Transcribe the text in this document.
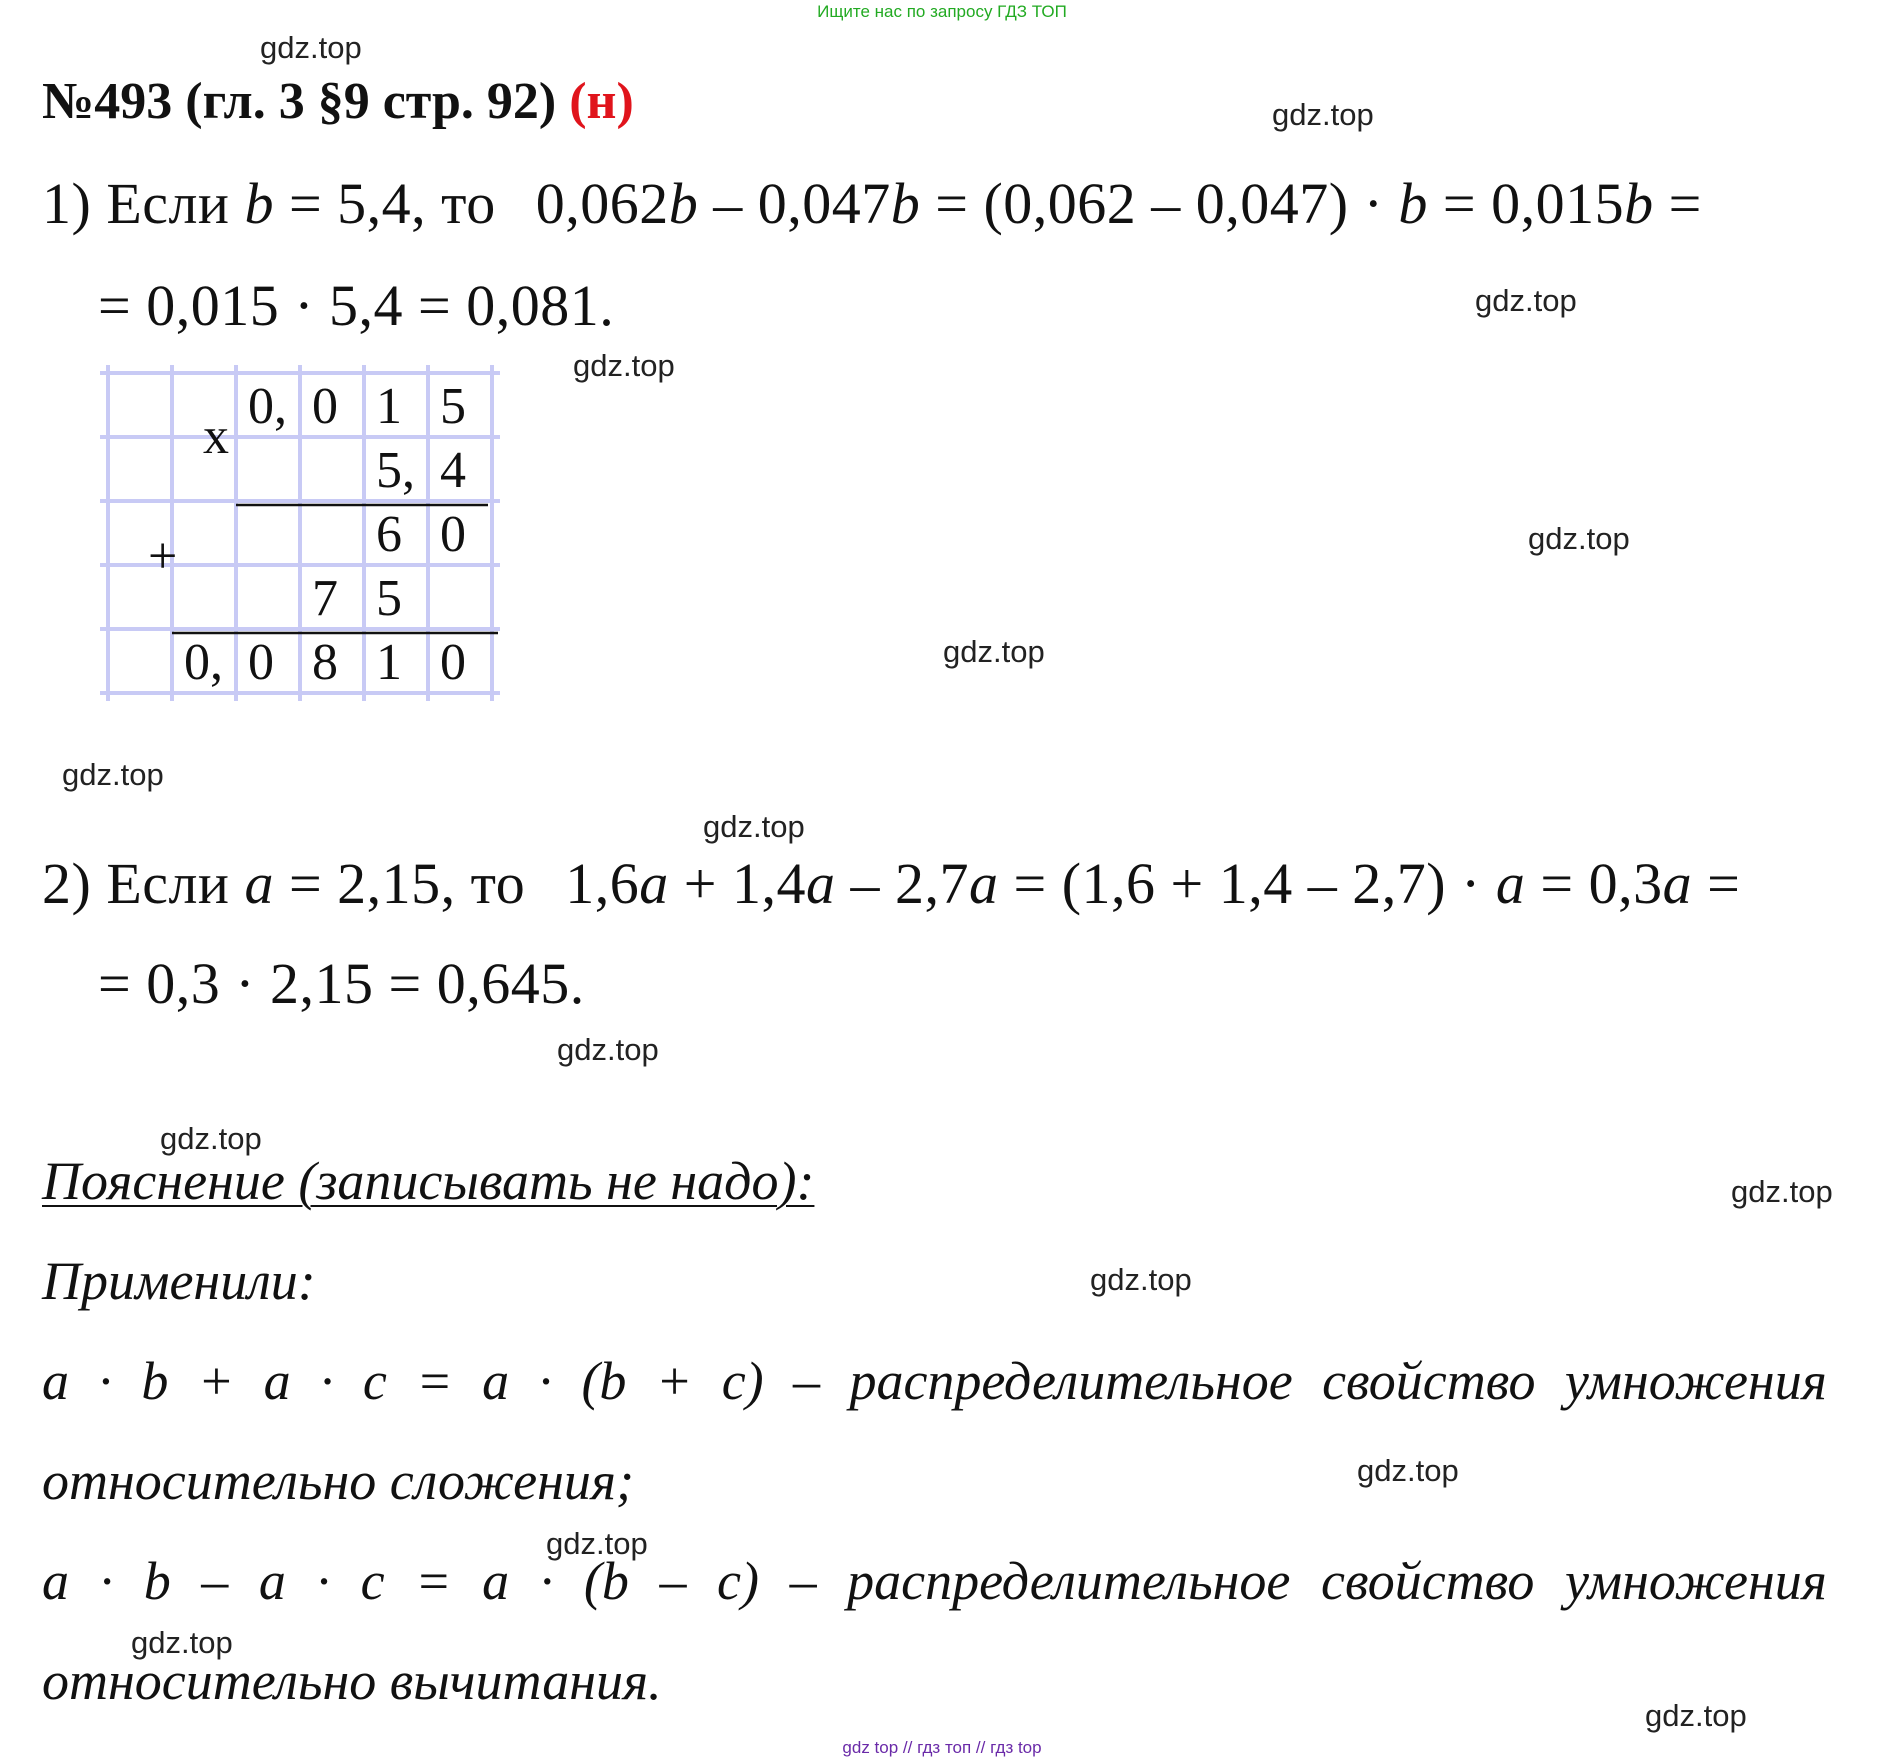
Ищите нас по запросу ГДЗ ТОП
№493 (гл. 3 §9 стр. 92) (н)
1) Если b = 5,4, то 0,062b – 0,047b = (0,062 – 0,047) · b = 0,015b =
= 0,015 · 5,4 = 0,081.
0, 0 1 5
5, 4
6 0
7 5
0, 0 8 1 0
x
+
2) Если a = 2,15, то 1,6a + 1,4a – 2,7a = (1,6 + 1,4 – 2,7) · a = 0,3a =
= 0,3 · 2,15 = 0,645.
Пояснение (записывать не надо):
Применили:
a · b + a · c = a · (b + c) – распределительное свойство умножения
относительно сложения;
a · b – a · c = a · (b – c) – распределительное свойство умножения
относительно вычитания.
gdz.top
gdz.top
gdz.top
gdz.top
gdz.top
gdz.top
gdz.top
gdz.top
gdz.top
gdz.top
gdz.top
gdz.top
gdz.top
gdz.top
gdz.top
gdz.top
gdz top // гдз топ // гдз top
